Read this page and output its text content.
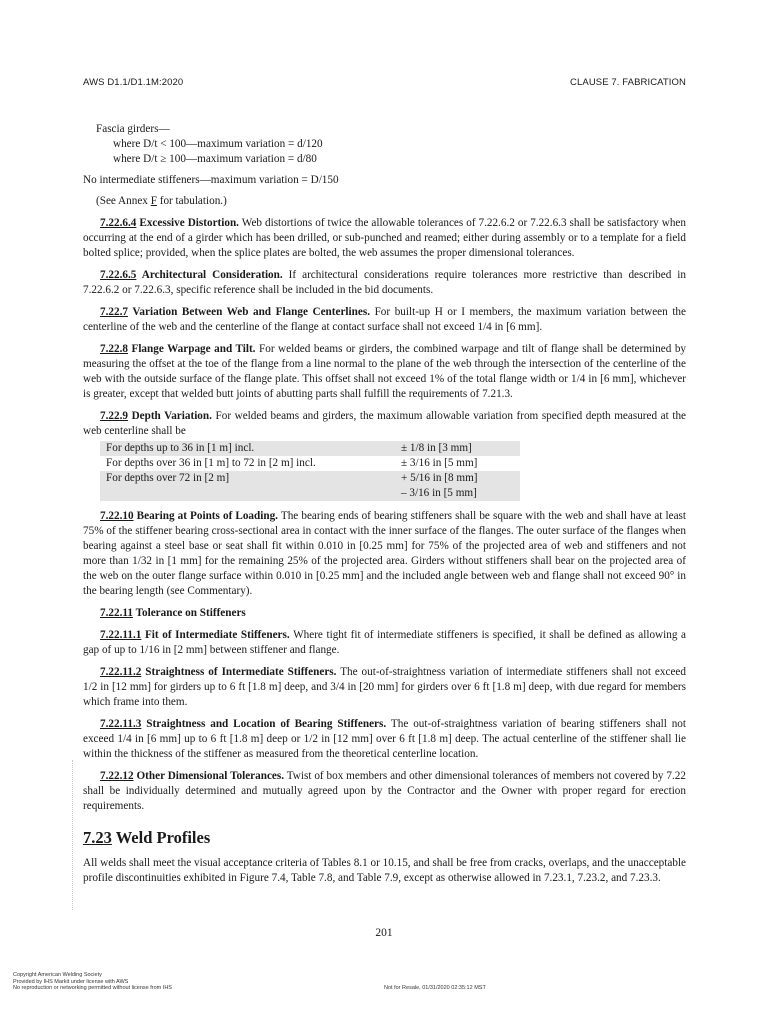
AWS D1.1/D1.1M:2020	CLAUSE 7. FABRICATION

Fascia girders—

where D/t < 100—maximum variation = d/120

where D/t ≥ 100—maximum variation = d/80

No intermediate stiffeners—maximum variation = D/150

(See Annex F for tabulation.)

7.22.6.4 Excessive Distortion. Web distortions of twice the allowable tolerances of 7.22.6.2 or 7.22.6.3 shall be satisfactory when occurring at the end of a girder which has been drilled, or sub-punched and reamed; either during assembly or to a template for a field bolted splice; provided, when the splice plates are bolted, the web assumes the proper dimensional tolerances.

7.22.6.5 Architectural Consideration. If architectural considerations require tolerances more restrictive than described in 7.22.6.2 or 7.22.6.3, specific reference shall be included in the bid documents.

7.22.7 Variation Between Web and Flange Centerlines. For built-up H or I members, the maximum variation between the centerline of the web and the centerline of the flange at contact surface shall not exceed 1/4 in [6 mm].

7.22.8 Flange Warpage and Tilt. For welded beams or girders, the combined warpage and tilt of flange shall be determined by measuring the offset at the toe of the flange from a line normal to the plane of the web through the intersection of the centerline of the web with the outside surface of the flange plate. This offset shall not exceed 1% of the total flange width or 1/4 in [6 mm], whichever is greater, except that welded butt joints of abutting parts shall fulfill the requirements of 7.21.3.

7.22.9 Depth Variation. For welded beams and girders, the maximum allowable variation from specified depth measured at the web centerline shall be

For depths up to 36 in [1 m] incl.	± 1/8 in [3 mm]
For depths over 36 in [1 m] to 72 in [2 m] incl.	± 3/16 in [5 mm]
For depths over 72 in [2 m]	+ 5/16 in [8 mm]
	– 3/16 in [5 mm]

7.22.10 Bearing at Points of Loading. The bearing ends of bearing stiffeners shall be square with the web and shall have at least 75% of the stiffener bearing cross-sectional area in contact with the inner surface of the flanges. The outer surface of the flanges when bearing against a steel base or seat shall fit within 0.010 in [0.25 mm] for 75% of the projected area of web and stiffeners and not more than 1/32 in [1 mm] for the remaining 25% of the projected area. Girders without stiffeners shall bear on the projected area of the web on the outer flange surface within 0.010 in [0.25 mm] and the included angle between web and flange shall not exceed 90° in the bearing length (see Commentary).

7.22.11 Tolerance on Stiffeners

7.22.11.1 Fit of Intermediate Stiffeners. Where tight fit of intermediate stiffeners is specified, it shall be defined as allowing a gap of up to 1/16 in [2 mm] between stiffener and flange.

7.22.11.2 Straightness of Intermediate Stiffeners. The out-of-straightness variation of intermediate stiffeners shall not exceed 1/2 in [12 mm] for girders up to 6 ft [1.8 m] deep, and 3/4 in [20 mm] for girders over 6 ft [1.8 m] deep, with due regard for members which frame into them.

7.22.11.3 Straightness and Location of Bearing Stiffeners. The out-of-straightness variation of bearing stiffeners shall not exceed 1/4 in [6 mm] up to 6 ft [1.8 m] deep or 1/2 in [12 mm] over 6 ft [1.8 m] deep. The actual centerline of the stiffener shall lie within the thickness of the stiffener as measured from the theoretical centerline location.

7.22.12 Other Dimensional Tolerances. Twist of box members and other dimensional tolerances of members not covered by 7.22 shall be individually determined and mutually agreed upon by the Contractor and the Owner with proper regard for erection requirements.

7.23 Weld Profiles

All welds shall meet the visual acceptance criteria of Tables 8.1 or 10.15, and shall be free from cracks, overlaps, and the unacceptable profile discontinuities exhibited in Figure 7.4, Table 7.8, and Table 7.9, except as otherwise allowed in 7.23.1, 7.23.2, and 7.23.3.

201
Copyright American Welding Society
Provided by IHS Markit under license with AWS
No reproduction or networking permitted without license from IHS	Not for Resale, 01/31/2020 02:35:12 MST
